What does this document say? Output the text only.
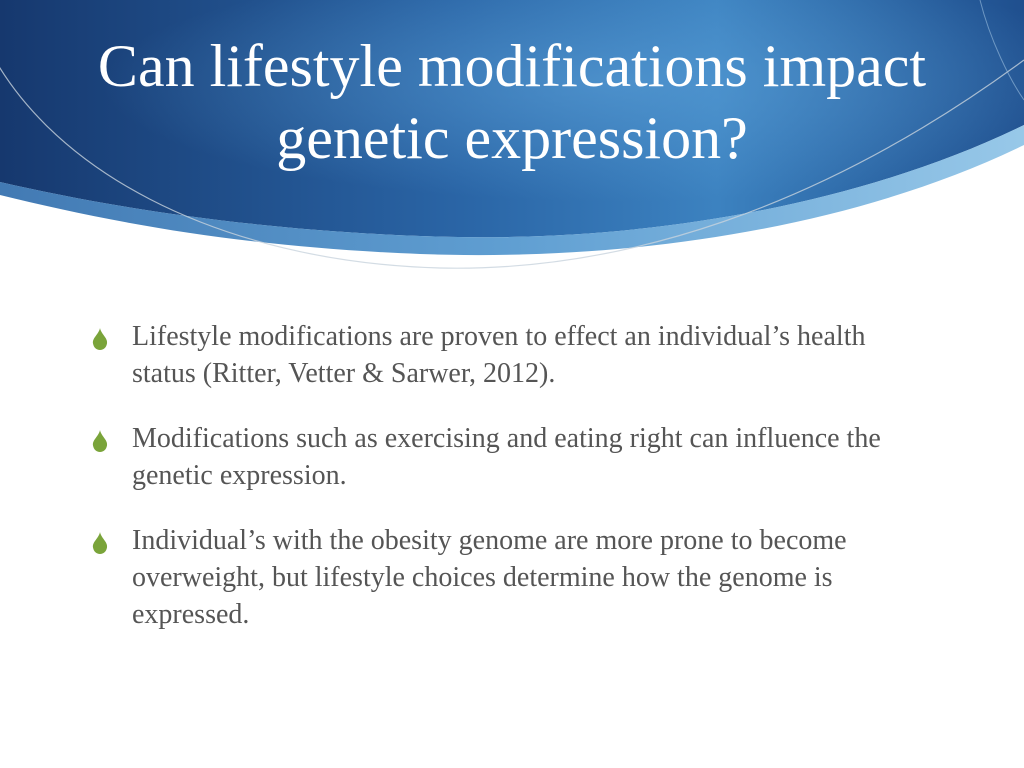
Can lifestyle modifications impact genetic expression?
Lifestyle modifications are proven to effect an individual’s health status (Ritter, Vetter & Sarwer, 2012).
Modifications such as exercising and eating right can influence the genetic expression.
Individual’s with the obesity genome are more prone to become overweight, but lifestyle choices determine how the genome is expressed.
